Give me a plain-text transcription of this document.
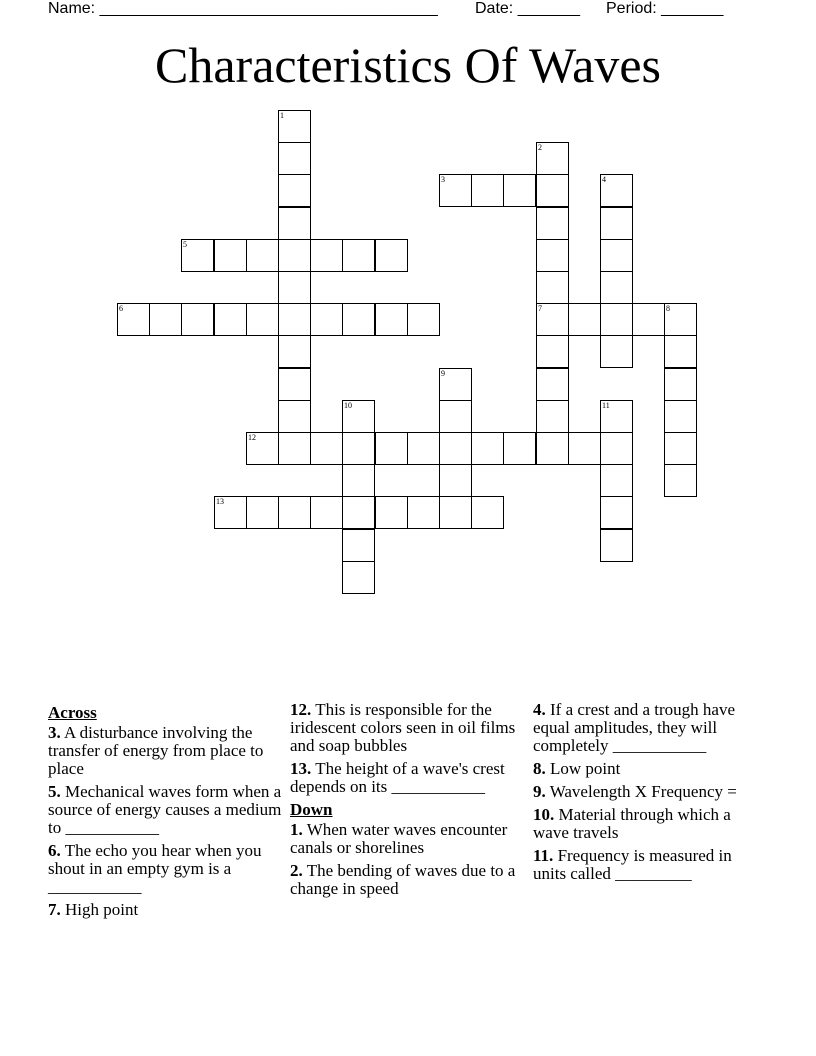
Name: ______________________________________

Date: _______

Period: _______

Characteristics Of Waves
1
2
7
3	4
5
6	8
9
10	11
12
13
Across
3. A disturbance involving the transfer of energy from place to place
5. Mechanical waves form when a source of energy causes a medium to ___________
6. The echo you hear when you shout in an empty gym is a ___________
7. High point
12. This is responsible for the iridescent colors seen in oil films and soap bubbles
13. The height of a wave's crest depends on its ___________
Down
1. When water waves encounter canals or shorelines
2. The bending of waves due to a change in speed
4. If a crest and a trough have equal amplitudes, they will completely ___________
8. Low point
9. Wavelength X Frequency =
10. Material through which a wave travels
11. Frequency is measured in units called _________
